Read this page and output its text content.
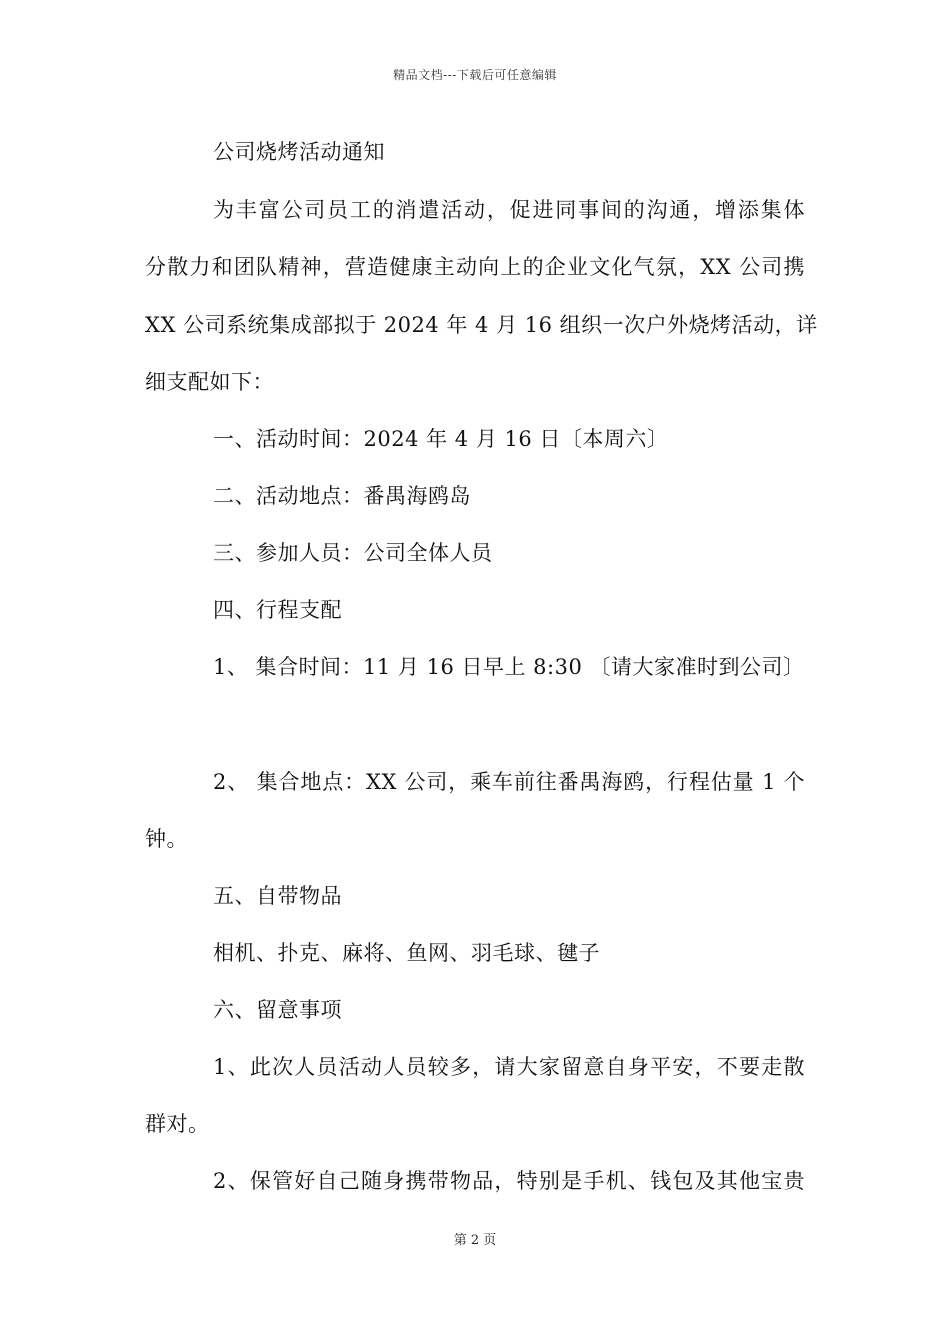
精品文档---下载后可任意编辑
公司烧烤活动通知
为丰富公司员工的消遣活动，促进同事间的沟通，增添集体
分散力和团队精神，营造健康主动向上的企业文化气氛，XX 公司携
XX 公司系统集成部拟于 2024 年 4 月 16 组织一次户外烧烤活动，详
细支配如下：
一、活动时间：2024 年 4 月 16 日〔本周六〕
二、活动地点：番禺海鸥岛
三、参加人员：公司全体人员
四、行程支配
1、 集合时间：11 月 16 日早上 8:30 〔请大家准时到公司〕
2、 集合地点：XX 公司，乘车前往番禺海鸥，行程估量 1 个
钟。
五、自带物品
相机、扑克、麻将、鱼网、羽毛球、毽子
六、留意事项
1、此次人员活动人员较多，请大家留意自身平安，不要走散
群对。
2、保管好自己随身携带物品，特别是手机、钱包及其他宝贵
第 2 页
